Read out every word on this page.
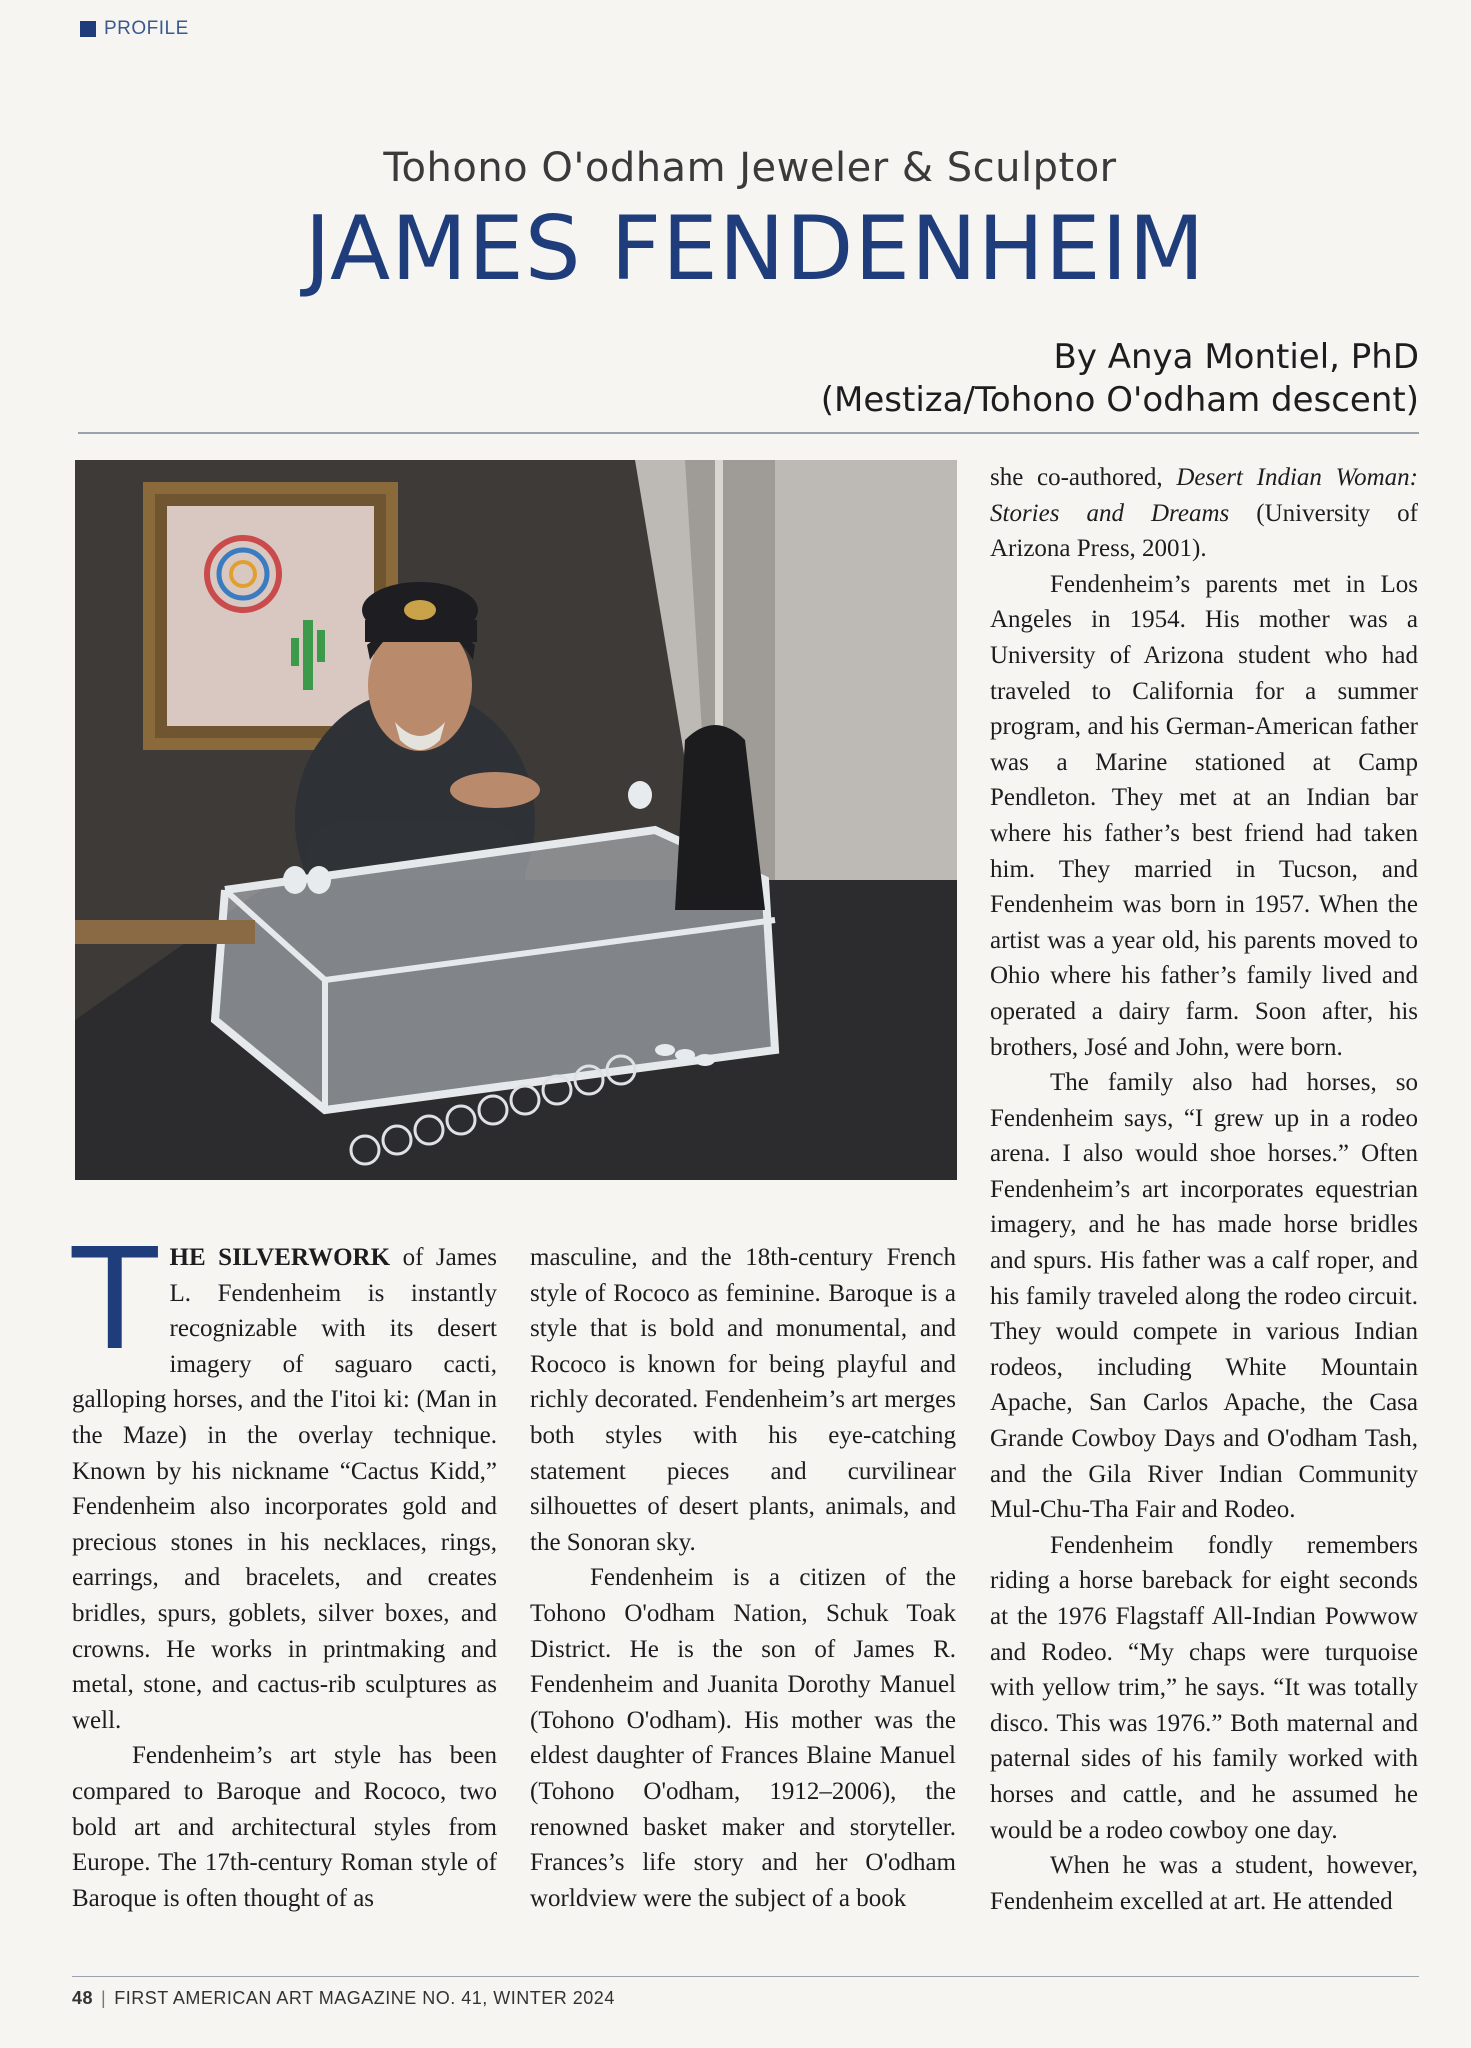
PROFILE
Tohono O'odham Jeweler & Sculptor
JAMES FENDENHEIM
By Anya Montiel, PhD
(Mestiza/Tohono O'odham descent)

THE SILVERWORK of James L. Fendenheim is instantly recognizable with its desert imagery of saguaro cacti, galloping horses, and the I'itoi ki: (Man in the Maze) in the overlay technique. Known by his nickname “Cactus Kidd,” Fendenheim also incorporates gold and precious stones in his necklaces, rings, earrings, and bracelets, and creates bridles, spurs, goblets, silver boxes, and crowns. He works in printmaking and metal, stone, and cactus-rib sculptures as well.

Fendenheim’s art style has been compared to Baroque and Rococo, two bold art and architectural styles from Europe. The 17th-century Roman style of Baroque is often thought of as

masculine, and the 18th-century French style of Rococo as feminine. Baroque is a style that is bold and monumental, and Rococo is known for being playful and richly decorated. Fendenheim’s art merges both styles with his eye-catching statement pieces and curvilinear silhouettes of desert plants, animals, and the Sonoran sky.

Fendenheim is a citizen of the Tohono O'odham Nation, Schuk Toak District. He is the son of James R. Fendenheim and Juanita Dorothy Manuel (Tohono O'odham). His mother was the eldest daughter of Frances Blaine Manuel (Tohono O'odham, 1912–2006), the renowned basket maker and storyteller. Frances’s life story and her O'odham worldview were the subject of a book

she co-authored, Desert Indian Woman: Stories and Dreams (University of Arizona Press, 2001).

Fendenheim’s parents met in Los Angeles in 1954. His mother was a University of Arizona student who had traveled to California for a summer program, and his German-American father was a Marine stationed at Camp Pendleton. They met at an Indian bar where his father’s best friend had taken him. They married in Tucson, and Fendenheim was born in 1957. When the artist was a year old, his parents moved to Ohio where his father’s family lived and operated a dairy farm. Soon after, his brothers, José and John, were born.

The family also had horses, so Fendenheim says, “I grew up in a rodeo arena. I also would shoe horses.” Often Fendenheim’s art incorporates equestrian imagery, and he has made horse bridles and spurs. His father was a calf roper, and his family traveled along the rodeo circuit. They would compete in various Indian rodeos, including White Mountain Apache, San Carlos Apache, the Casa Grande Cowboy Days and O'odham Tash, and the Gila River Indian Community Mul-Chu-Tha Fair and Rodeo.

Fendenheim fondly remembers riding a horse bareback for eight seconds at the 1976 Flagstaff All-Indian Powwow and Rodeo. “My chaps were turquoise with yellow trim,” he says. “It was totally disco. This was 1976.” Both maternal and paternal sides of his family worked with horses and cattle, and he assumed he would be a rodeo cowboy one day.

When he was a student, however, Fendenheim excelled at art. He attended

48 | FIRST AMERICAN ART MAGAZINE NO. 41, WINTER 2024
